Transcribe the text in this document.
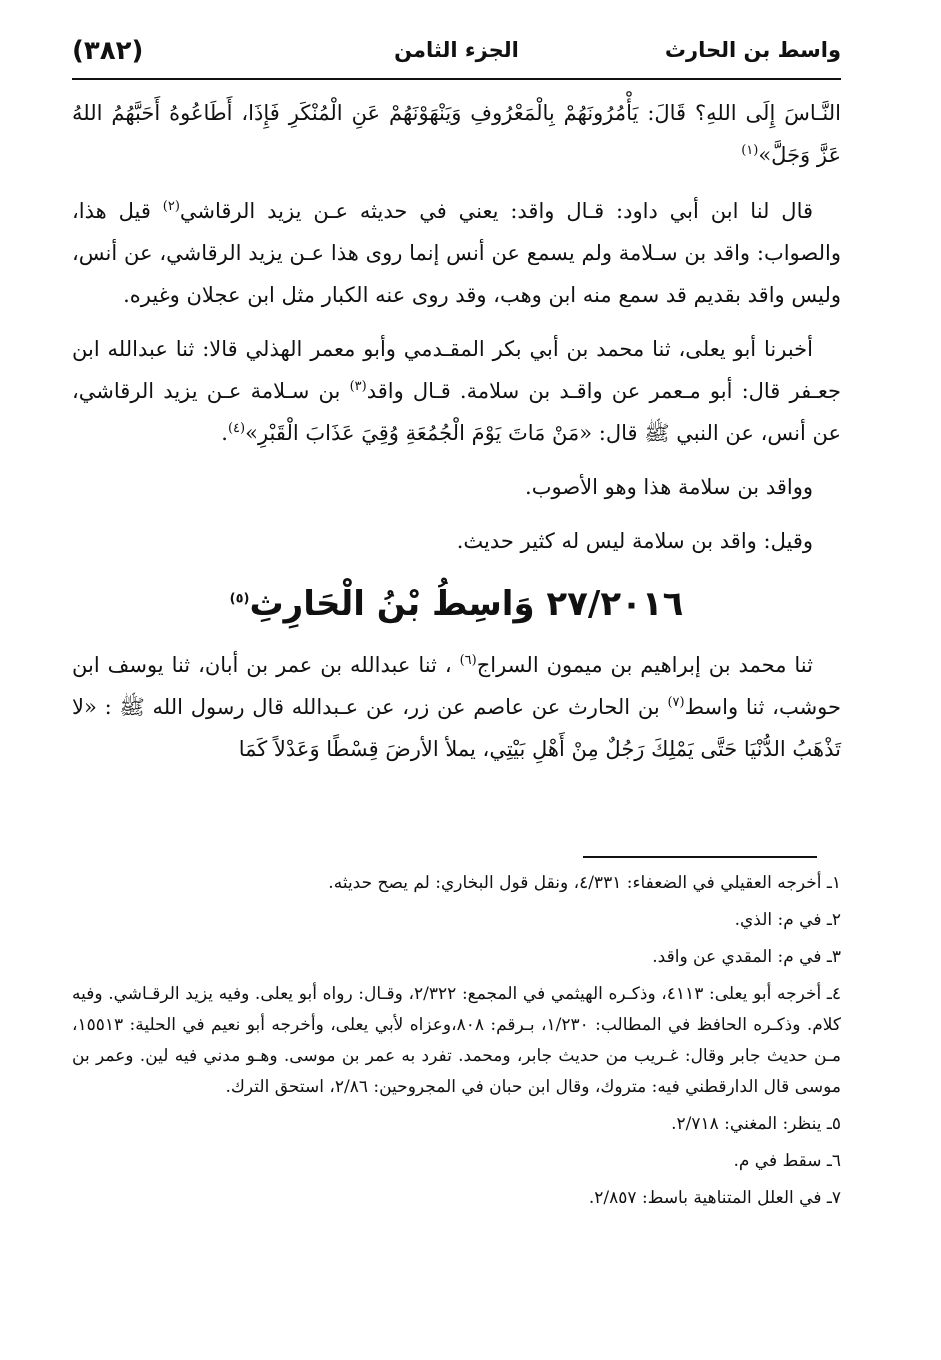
واسط بن الحارث
الجزء الثامن
(٣٨٢)

النَّـاسَ إِلَى اللهِ؟ قَالَ: يَأْمُرُونَهُمْ بِالْمَعْرُوفِ وَيَنْهَوْنَهُمْ عَنِ الْمُنْكَرِ فَإِذَا، أَطَاعُوهُ أَحَبَّهُمُ اللهُ عَزَّ وَجَلَّ»$^{(١)}$

قال لنا ابن أبي داود: قـال واقد: يعني في حديثه عـن يزيد الرقاشي$^{(٢)}$ قيل هذا، والصواب: واقد بن سـلامة ولم يسمع عن أنس إنما روى هذا عـن يزيد الرقاشي، عن أنس، وليس واقد بقديم قد سمع منه ابن وهب، وقد روى عنه الكبار مثل ابن عجلان وغيره.

أخبرنا أبو يعلى، ثنا محمد بن أبي بكر المقـدمي وأبو معمر الهذلي قالا: ثنا عبدالله ابن جعـفر قال: أبو مـعمر عن واقـد بن سلامة. قـال واقد$^{(٣)}$ بن سـلامة عـن يزيد الرقاشي، عن أنس، عن النبي ﷺ قال: «مَنْ مَاتَ يَوْمَ الْجُمُعَةِ وُقِيَ عَذَابَ الْقَبْرِ»$^{(٤)}$.

وواقد بن سلامة هذا وهو الأصوب.

وقيل: واقد بن سلامة ليس له كثير حديث.

٢٧/٢٠١٦ وَاسِطُ بْنُ الْحَارِثِ$^{(٥)}$

ثنا محمد بن إبراهيم بن ميمون السراج$^{(٦)}$ ، ثنا عبدالله بن عمر بن أبان، ثنا يوسف ابن حوشب، ثنا واسط$^{(٧)}$ بن الحارث عن عاصم عن زر، عن عـبدالله قال رسول الله ﷺ : «لا تَذْهَبُ الدُّنْيَا حَتَّى يَمْلِكَ رَجُلٌ مِنْ أَهْلِ بَيْتِي، يملأ الأرضَ قِسْطًا وَعَدْلاً كَمَا

١ـ أخرجه العقيلي في الضعفاء: ٤/٣٣١، ونقل قول البخاري: لم يصح حديثه.

٢ـ في م: الذي.

٣ـ في م: المقدي عن واقد.

٤ـ أخرجه أبو يعلى: ٤١١٣، وذكـره الهيثمي في المجمع: ٢/٣٢٢، وقـال: رواه أبو يعلى. وفيه يزيد الرقـاشي. وفيه كلام. وذكـره الحافظ في المطالب: ١/٢٣٠، بـرقم: ٨٠٨،وعزاه لأبي يعلى، وأخرجه أبو نعيم في الحلية: ١٥٥١٣، مـن حديث جابر وقال: غـريب من حديث جابر، ومحمد. تفرد به عمر بن موسى. وهـو مدني فيه لين. وعمر بن موسى قال الدارقطني فيه: متروك، وقال ابن حبان في المجروحين: ٢/٨٦، استحق الترك.

٥ـ ينظر: المغني: ٢/٧١٨.

٦ـ سقط في م.

٧ـ في العلل المتناهية باسط: ٢/٨٥٧.
